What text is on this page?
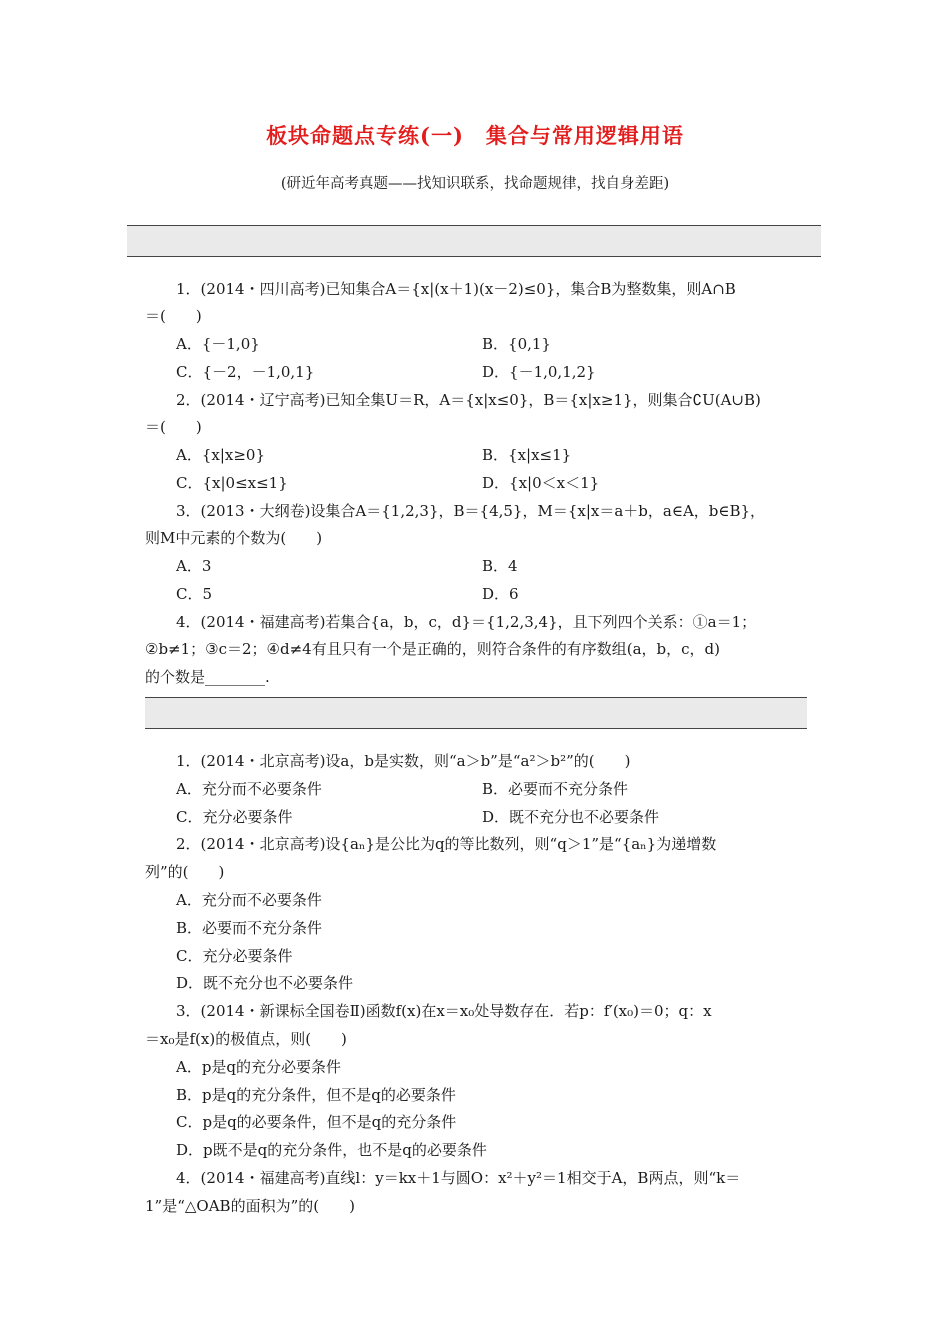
板块命题点专练(一)　集合与常用逻辑用语
(研近年高考真题——找知识联系，找命题规律，找自身差距)
1．(2014・四川高考)已知集合A＝{x|(x＋1)(x－2)≤0}，集合B为整数集，则A∩B
＝(　　)
A．{－1,0}	B．{0,1}
C．{－2，－1,0,1}	D．{－1,0,1,2}
2．(2014・辽宁高考)已知全集U＝R，A＝{x|x≤0}，B＝{x|x≥1}，则集合∁U(A∪B)
＝(　　)
A．{x|x≥0}	B．{x|x≤1}
C．{x|0≤x≤1}	D．{x|0＜x＜1}
3．(2013・大纲卷)设集合A＝{1,2,3}，B＝{4,5}，M＝{x|x＝a＋b，a∈A，b∈B}，
则M中元素的个数为(　　)
A．3	B．4
C．5	D．6
4．(2014・福建高考)若集合{a，b，c，d}＝{1,2,3,4}，且下列四个关系：①a＝1；
②b≠1；③c＝2；④d≠4有且只有一个是正确的，则符合条件的有序数组(a，b，c，d)
的个数是________.
1．(2014・北京高考)设a，b是实数，则“a＞b”是“a²＞b²”的(　　)
A．充分而不必要条件	B．必要而不充分条件
C．充分必要条件	D．既不充分也不必要条件
2．(2014・北京高考)设{aₙ}是公比为q的等比数列，则“q＞1”是“{aₙ}为递增数
列”的(　　)
A．充分而不必要条件
B．必要而不充分条件
C．充分必要条件
D．既不充分也不必要条件
3．(2014・新课标全国卷Ⅱ)函数f(x)在x＝x₀处导数存在．若p：f′(x₀)＝0；q：x
＝x₀是f(x)的极值点，则(　　)
A．p是q的充分必要条件
B．p是q的充分条件，但不是q的必要条件
C．p是q的必要条件，但不是q的充分条件
D．p既不是q的充分条件，也不是q的必要条件
4．(2014・福建高考)直线l：y＝kx＋1与圆O：x²＋y²＝1相交于A，B两点，则“k＝
1”是“△OAB的面积为”的(　　)
